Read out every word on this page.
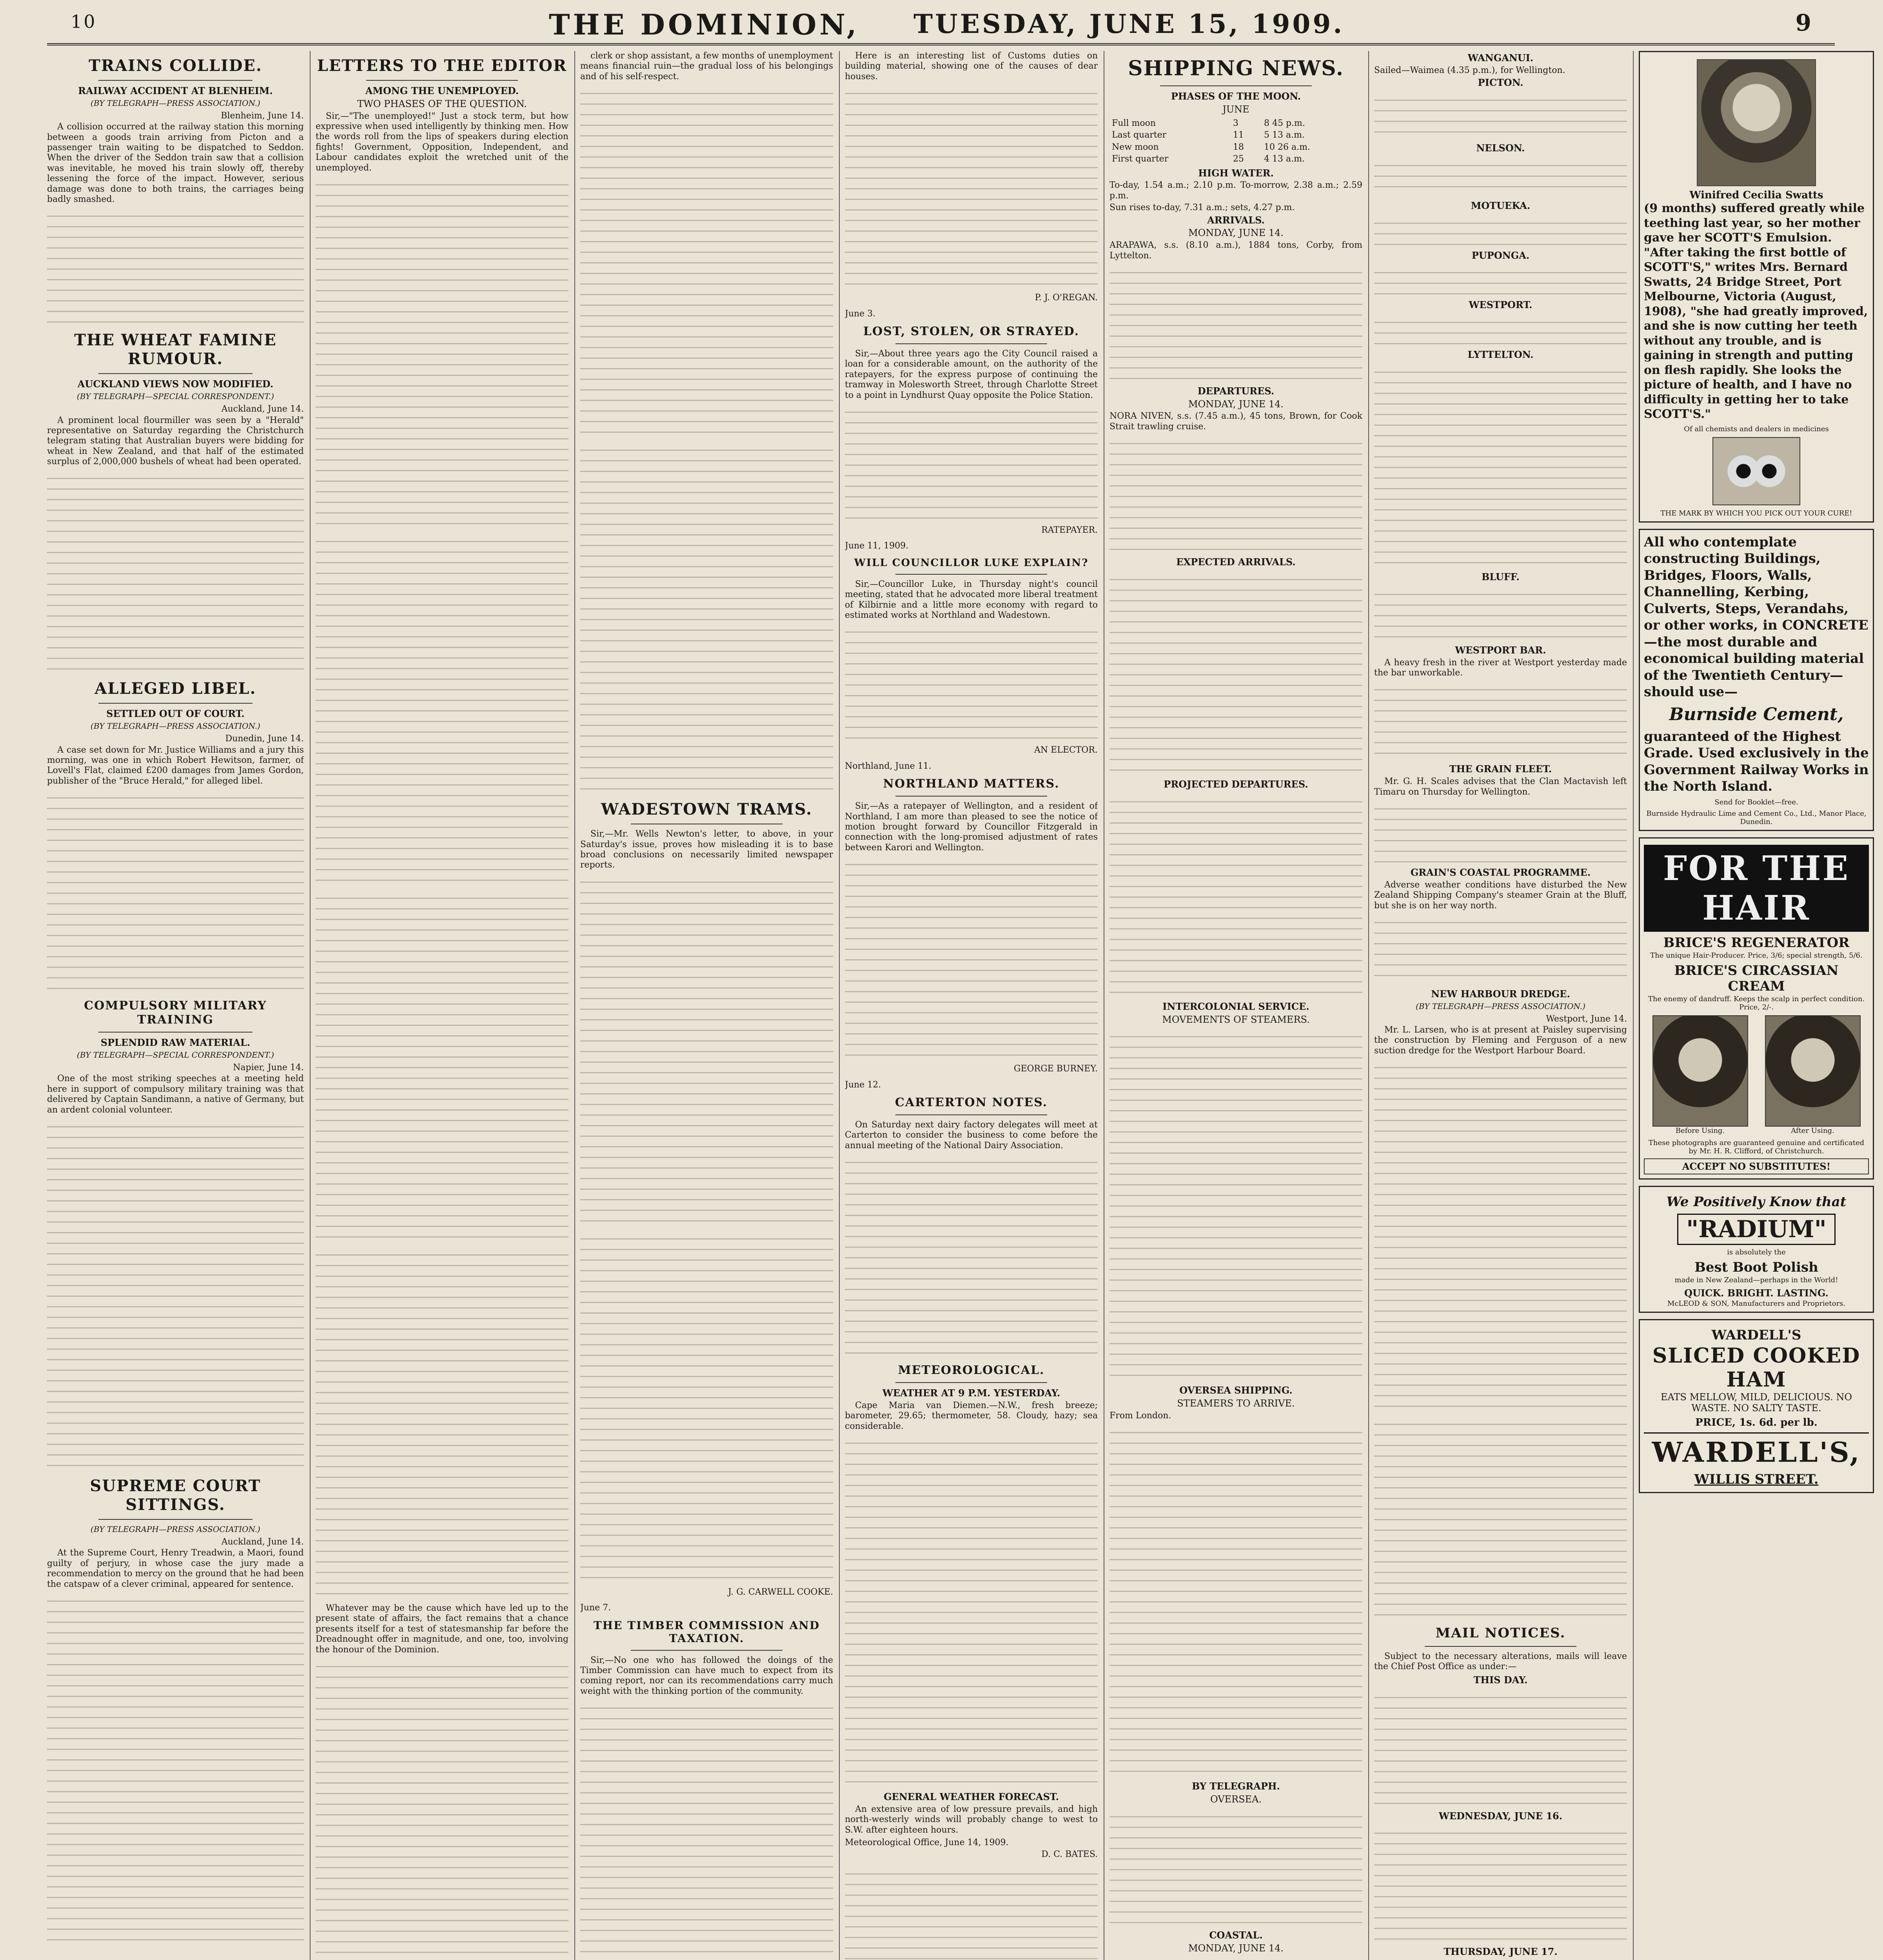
10	THE DOMINION, TUESDAY, JUNE 15, 1909.	9
TRAINS COLLIDE.
RAILWAY ACCIDENT AT BLENHEIM.
(BY TELEGRAPH—PRESS ASSOCIATION.)
Blenheim, June 14.

A collision occurred at the railway station this morning between a goods train arriving from Picton and a passenger train waiting to be dispatched to Seddon. When the driver of the Seddon train saw that a collision was inevitable, he moved his train slowly off, thereby lessening the force of the impact. However, serious damage was done to both trains, the carriages being badly smashed.

THE WHEAT FAMINE RUMOUR.
AUCKLAND VIEWS NOW MODIFIED.
(BY TELEGRAPH—SPECIAL CORRESPONDENT.)
Auckland, June 14.

A prominent local flourmiller was seen by a "Herald" representative on Saturday regarding the Christchurch telegram stating that Australian buyers were bidding for wheat in New Zealand, and that half of the estimated surplus of 2,000,000 bushels of wheat had been operated.

ALLEGED LIBEL.
SETTLED OUT OF COURT.
(BY TELEGRAPH—PRESS ASSOCIATION.)
Dunedin, June 14.

A case set down for Mr. Justice Williams and a jury this morning, was one in which Robert Hewitson, farmer, of Lovell's Flat, claimed £200 damages from James Gordon, publisher of the "Bruce Herald," for alleged libel.

COMPULSORY MILITARY TRAINING
SPLENDID RAW MATERIAL.
(BY TELEGRAPH—SPECIAL CORRESPONDENT.)
Napier, June 14.

One of the most striking speeches at a meeting held here in support of compulsory military training was that delivered by Captain Sandimann, a native of Germany, but an ardent colonial volunteer.

SUPREME COURT SITTINGS.
(BY TELEGRAPH—PRESS ASSOCIATION.)
Auckland, June 14.

At the Supreme Court, Henry Treadwin, a Maori, found guilty of perjury, in whose case the jury made a recommendation to mercy on the ground that he had been the catspaw of a clever criminal, appeared for sentence.

LETTERS TO THE EDITOR
AMONG THE UNEMPLOYED.
TWO PHASES OF THE QUESTION.

Sir,—"The unemployed!" Just a stock term, but how expressive when used intelligently by thinking men. How the words roll from the lips of speakers during election fights! Government, Opposition, Independent, and Labour candidates exploit the wretched unit of the unemployed.

Whatever may be the cause which have led up to the present state of affairs, the fact remains that a chance presents itself for a test of statesmanship far before the Dreadnought offer in magnitude, and one, too, involving the honour of the Dominion.

clerk or shop assistant, a few months of unemployment means financial ruin—the gradual loss of his belongings and of his self-respect.

WADESTOWN TRAMS.

Sir,—Mr. Wells Newton's letter, to above, in your Saturday's issue, proves how misleading it is to base broad conclusions on necessarily limited newspaper reports.

J. G. CARWELL COOKE.
June 7.
THE TIMBER COMMISSION AND TAXATION.

Sir,—No one who has followed the doings of the Timber Commission can have much to expect from its coming report, nor can its recommendations carry much weight with the thinking portion of the community.

Here is an interesting list of Customs duties on building material, showing one of the causes of dear houses.

P. J. O'REGAN.
June 3.
LOST, STOLEN, OR STRAYED.

Sir,—About three years ago the City Council raised a loan for a considerable amount, on the authority of the ratepayers, for the express purpose of continuing the tramway in Molesworth Street, through Charlotte Street to a point in Lyndhurst Quay opposite the Police Station.

RATEPAYER.
June 11, 1909.
WILL COUNCILLOR LUKE EXPLAIN?

Sir,—Councillor Luke, in Thursday night's council meeting, stated that he advocated more liberal treatment of Kilbirnie and a little more economy with regard to estimated works at Northland and Wadestown.

AN ELECTOR.
Northland, June 11.
NORTHLAND MATTERS.

Sir,—As a ratepayer of Wellington, and a resident of Northland, I am more than pleased to see the notice of motion brought forward by Councillor Fitzgerald in connection with the long-promised adjustment of rates between Karori and Wellington.

GEORGE BURNEY.
June 12.
CARTERTON NOTES.

On Saturday next dairy factory delegates will meet at Carterton to consider the business to come before the annual meeting of the National Dairy Association.

METEOROLOGICAL.
WEATHER AT 9 P.M. YESTERDAY.

Cape Maria van Diemen.—N.W., fresh breeze; barometer, 29.65; thermometer, 58. Cloudy, hazy; sea considerable.

GENERAL WEATHER FORECAST.

An extensive area of low pressure prevails, and high north-westerly winds will probably change to west to S.W. after eighteen hours.

Meteorological Office, June 14, 1909.
D. C. BATES.
SHIPPING NEWS.
PHASES OF THE MOON.
JUNE
Full moon	3	8 45 p.m.
Last quarter	11	5 13 a.m.
New moon	18	10 26 a.m.
First quarter	25	4 13 a.m.
HIGH WATER.

To-day, 1.54 a.m.; 2.10 p.m. To-morrow, 2.38 a.m.; 2.59 p.m.

Sun rises to-day, 7.31 a.m.; sets, 4.27 p.m.

ARRIVALS.
MONDAY, JUNE 14.

ARAPAWA, s.s. (8.10 a.m.), 1884 tons, Corby, from Lyttelton.

DEPARTURES.
MONDAY, JUNE 14.

NORA NIVEN, s.s. (7.45 a.m.), 45 tons, Brown, for Cook Strait trawling cruise.

EXPECTED ARRIVALS.
PROJECTED DEPARTURES.
INTERCOLONIAL SERVICE.
MOVEMENTS OF STEAMERS.
OVERSEA SHIPPING.
STEAMERS TO ARRIVE.
From London.
BY TELEGRAPH.
OVERSEA.
COASTAL.
MONDAY, JUNE 14.
WANGANUI.

Sailed—Waimea (4.35 p.m.), for Wellington.

PICTON.
NELSON.
MOTUEKA.
PUPONGA.
WESTPORT.
LYTTELTON.
BLUFF.
WESTPORT BAR.

A heavy fresh in the river at Westport yesterday made the bar unworkable.

THE GRAIN FLEET.

Mr. G. H. Scales advises that the Clan Mactavish left Timaru on Thursday for Wellington.

GRAIN'S COASTAL PROGRAMME.

Adverse weather conditions have disturbed the New Zealand Shipping Company's steamer Grain at the Bluff, but she is on her way north.

NEW HARBOUR DREDGE.
(BY TELEGRAPH—PRESS ASSOCIATION.)
Westport, June 14.

Mr. L. Larsen, who is at present at Paisley supervising the construction by Fleming and Ferguson of a new suction dredge for the Westport Harbour Board.

MAIL NOTICES.

Subject to the necessary alterations, mails will leave the Chief Post Office as under:—

THIS DAY.
WEDNESDAY, JUNE 16.
THURSDAY, JUNE 17.
Winifred Cecilia Swatts
(9 months) suffered greatly while teething last year, so her mother gave her SCOTT'S Emulsion. "After taking the first bottle of SCOTT'S," writes Mrs. Bernard Swatts, 24 Bridge Street, Port Melbourne, Victoria (August, 1908), "she had greatly improved, and she is now cutting her teeth without any trouble, and is gaining in strength and putting on flesh rapidly. She looks the picture of health, and I have no difficulty in getting her to take SCOTT'S."
Of all chemists and dealers in medicines
THE MARK BY WHICH YOU PICK OUT YOUR CURE!
All who contemplate constructing Buildings, Bridges, Floors, Walls, Channelling, Kerbing, Culverts, Steps, Verandahs, or other works, in CONCRETE—the most durable and economical building material of the Twentieth Century—should use—
Burnside Cement,
guaranteed of the Highest Grade. Used exclusively in the Government Railway Works in the North Island.
Send for Booklet—free.
Burnside Hydraulic Lime and Cement Co., Ltd., Manor Place, Dunedin.
FOR THE HAIR
BRICE'S REGENERATOR
The unique Hair-Producer. Price, 3/6; special strength, 5/6.
BRICE'S CIRCASSIAN CREAM
The enemy of dandruff. Keeps the scalp in perfect condition. Price, 2/-.
Before Using.	After Using.
These photographs are guaranteed genuine and certificated by Mr. H. R. Clifford, of Christchurch.
ACCEPT NO SUBSTITUTES!
We Positively Know that
"RADIUM"
is absolutely the
Best Boot Polish
made in New Zealand—perhaps in the World!
QUICK. BRIGHT. LASTING.
McLEOD & SON, Manufacturers and Proprietors.
WARDELL'S
SLICED COOKED HAM
EATS MELLOW, MILD, DELICIOUS. NO WASTE. NO SALTY TASTE.
PRICE, 1s. 6d. per lb.
WARDELL'S,
WILLIS STREET.
